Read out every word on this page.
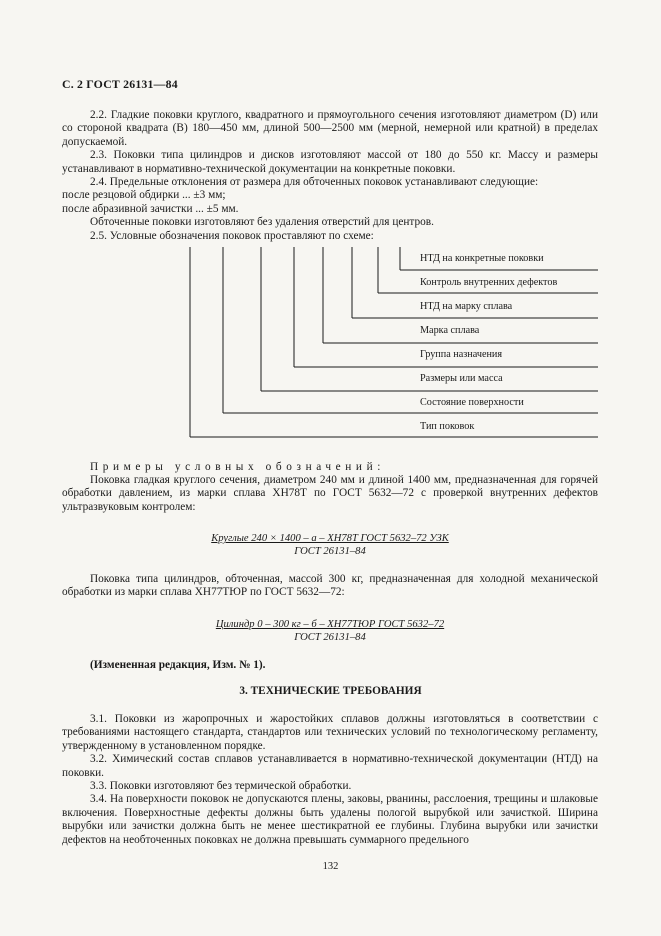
С. 2 ГОСТ 26131—84

2.2. Гладкие поковки круглого, квадратного и прямоугольного сечения изготовляют диаметром (D) или со стороной квадрата (B) 180—450 мм, длиной 500—2500 мм (мерной, немерной или кратной) в пределах допускаемой.

2.3. Поковки типа цилиндров и дисков изготовляют массой от 180 до 550 кг. Массу и размеры устанавливают в нормативно-технической документации на конкретные поковки.

2.4. Предельные отклонения от размера для обточенных поковок устанавливают следующие:

после резцовой обдирки ... ±3 мм;

после абразивной зачистки ... ±5 мм.

Обточенные поковки изготовляют без удаления отверстий для центров.

2.5. Условные обозначения поковок проставляют по схеме:

НТД на конкретные поковки
Контроль внутренних дефектов
НТД на марку сплава
Марка сплава
Группа назначения
Размеры или масса
Состояние поверхности
Тип поковок
Примеры условных обозначений:

Поковка гладкая круглого сечения, диаметром 240 мм и длиной 1400 мм, предназначенная для горячей обработки давлением, из марки сплава ХН78Т по ГОСТ 5632—72 с проверкой внутренних дефектов ультразвуковым контролем:

Круглые 240 × 1400 – а – ХН78Т ГОСТ 5632–72 УЗК
ГОСТ 26131–84

Поковка типа цилиндров, обточенная, массой 300 кг, предназначенная для холодной механической обработки из марки сплава ХН77ТЮР по ГОСТ 5632—72:

Цилиндр 0 – 300 кг – б – ХН77ТЮР ГОСТ 5632–72
ГОСТ 26131–84
(Измененная редакция, Изм. № 1).
3. ТЕХНИЧЕСКИЕ ТРЕБОВАНИЯ

3.1. Поковки из жаропрочных и жаростойких сплавов должны изготовляться в соответствии с требованиями настоящего стандарта, стандартов или технических условий по технологическому регламенту, утвержденному в установленном порядке.

3.2. Химический состав сплавов устанавливается в нормативно-технической документации (НТД) на поковки.

3.3. Поковки изготовляют без термической обработки.

3.4. На поверхности поковок не допускаются плены, заковы, рванины, расслоения, трещины и шлаковые включения. Поверхностные дефекты должны быть удалены пологой вырубкой или зачисткой. Ширина вырубки или зачистки должна быть не менее шестикратной ее глубины. Глубина вырубки или зачистки дефектов на необточенных поковках не должна превышать суммарного предельного

132
